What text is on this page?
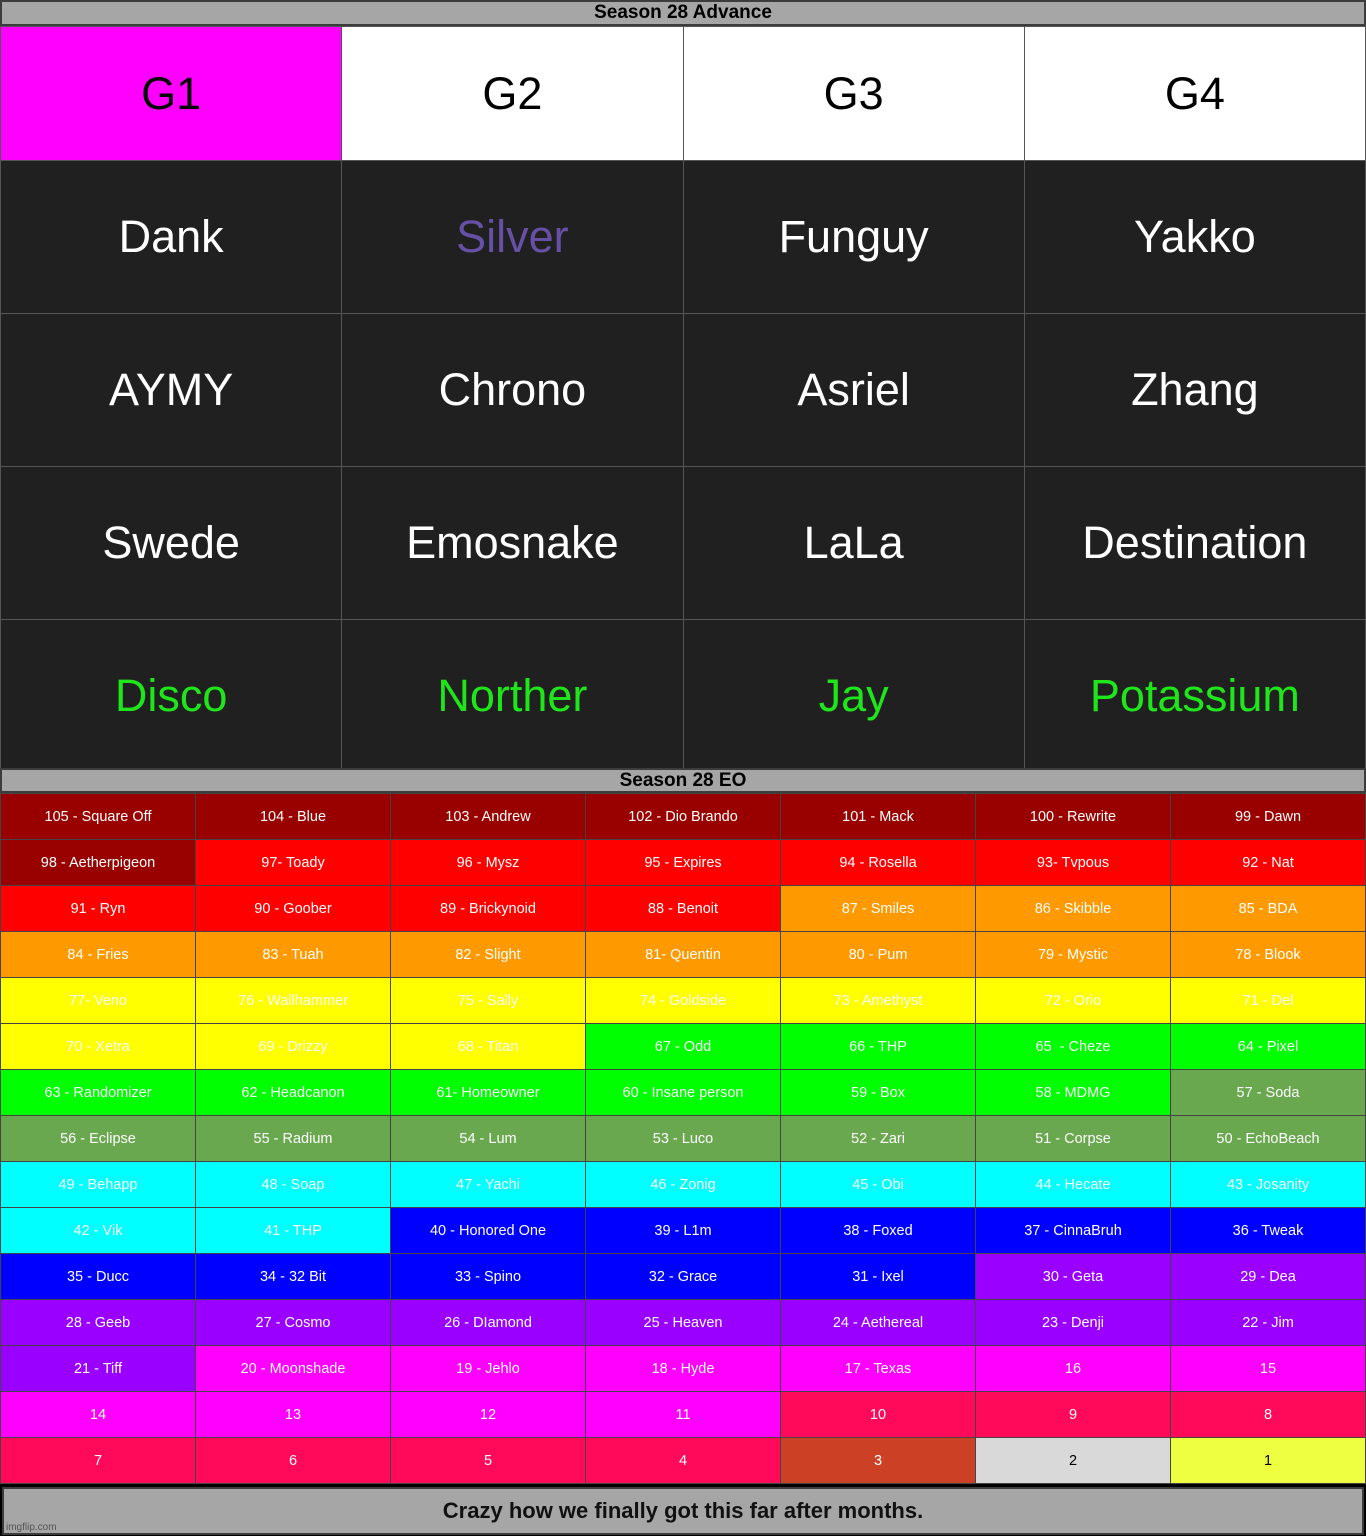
Season 28 Advance
G1	G2	G3	G4
Dank	Silver	Funguy	Yakko
AYMY	Chrono	Asriel	Zhang
Swede	Emosnake	LaLa	Destination
Disco	Norther	Jay	Potassium
Season 28 EO
105 - Square Off	104 - Blue	103 - Andrew	102 - Dio Brando	101 - Mack	100 - Rewrite	99 - Dawn
98 - Aetherpigeon	97- Toady	96 - Mysz	95 - Expires	94 - Rosella	93- Tvpous	92 - Nat
91 - Ryn	90 - Goober	89 - Brickynoid	88 - Benoit	87 - Smiles	86 - Skibble	85 - BDA
84 - Fries	83 - Tuah	82 - Slight	81- Quentin	80 - Pum	79 - Mystic	78 - Blook
77- Veno	76 - Wallhammer	75 - Sally	74 - Goldside	73 - Amethyst	72 - Orio	71 - Del
70 - Xetra	69 - Drizzy	68 - Titan	67 - Odd	66 - THP	65  - Cheze	64 - Pixel
63 - Randomizer	62 - Headcanon	61- Homeowner	60 - Insane person	59 - Box	58 - MDMG	57 - Soda
56 - Eclipse	55 - Radium	54 - Lum	53 - Luco	52 - Zari	51 - Corpse	50 - EchoBeach
49 - Behapp	48 - Soap	47 - Yachi	46 - Zonig	45 - Obi	44 - Hecate	43 - Josanity
42 - Vik	41 - THP	40 - Honored One	39 - L1m	38 - Foxed	37 - CinnaBruh	36 - Tweak
35 - Ducc	34 - 32 Bit	33 - Spino	32 - Grace	31 - Ixel	30 - Geta	29 - Dea
28 - Geeb	27 - Cosmo	26 - DIamond	25 - Heaven	24 - Aethereal	23 - Denji	22 - Jim
21 - Tiff	20 - Moonshade	19 - Jehlo	18 - Hyde	17 - Texas	16	15
14	13	12	11	10	9	8
7	6	5	4	3	2	1
Crazy how we finally got this far after months.
imgflip.com
